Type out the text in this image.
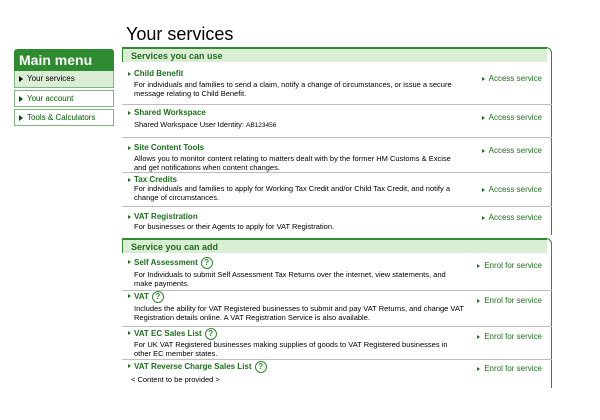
Your services
Main menu
Your services
Your account
Tools & Calculators
Services you can use
Child Benefit
For individuals and families to send a claim, notify a change of circumstances, or issue a secure message relating to Child Benefit.
Access service
Shared Workspace
Shared Workspace User Identity: AB123456
Access service
Site Content Tools
Allows you to monitor content relating to matters dealt with by the former HM Customs & Excise and get notifications when content changes.
Access service
Tax Credits
For individuals and families to apply for Working Tax Credit and/or Child Tax Credit, and notify a change of circumstances.
Access service
VAT Registration
For businesses or their Agents to apply for VAT Registration.
Access service
Service you can add
Self Assessment ?
For Individuals to submit Self Assessment Tax Returns over the internet, view statements, and make payments.
Enrol for service
VAT ?
Includes the ability for VAT Registered businesses to submit and pay VAT Returns, and change VAT Registration details online. A VAT Registration Service is also available.
Enrol for service
VAT EC Sales List ?
For UK VAT Registered businesses making supplies of goods to VAT Registered businesses in other EC member states.
Enrol for service
VAT Reverse Charge Sales List ?
< Content to be provided >
Enrol for service
